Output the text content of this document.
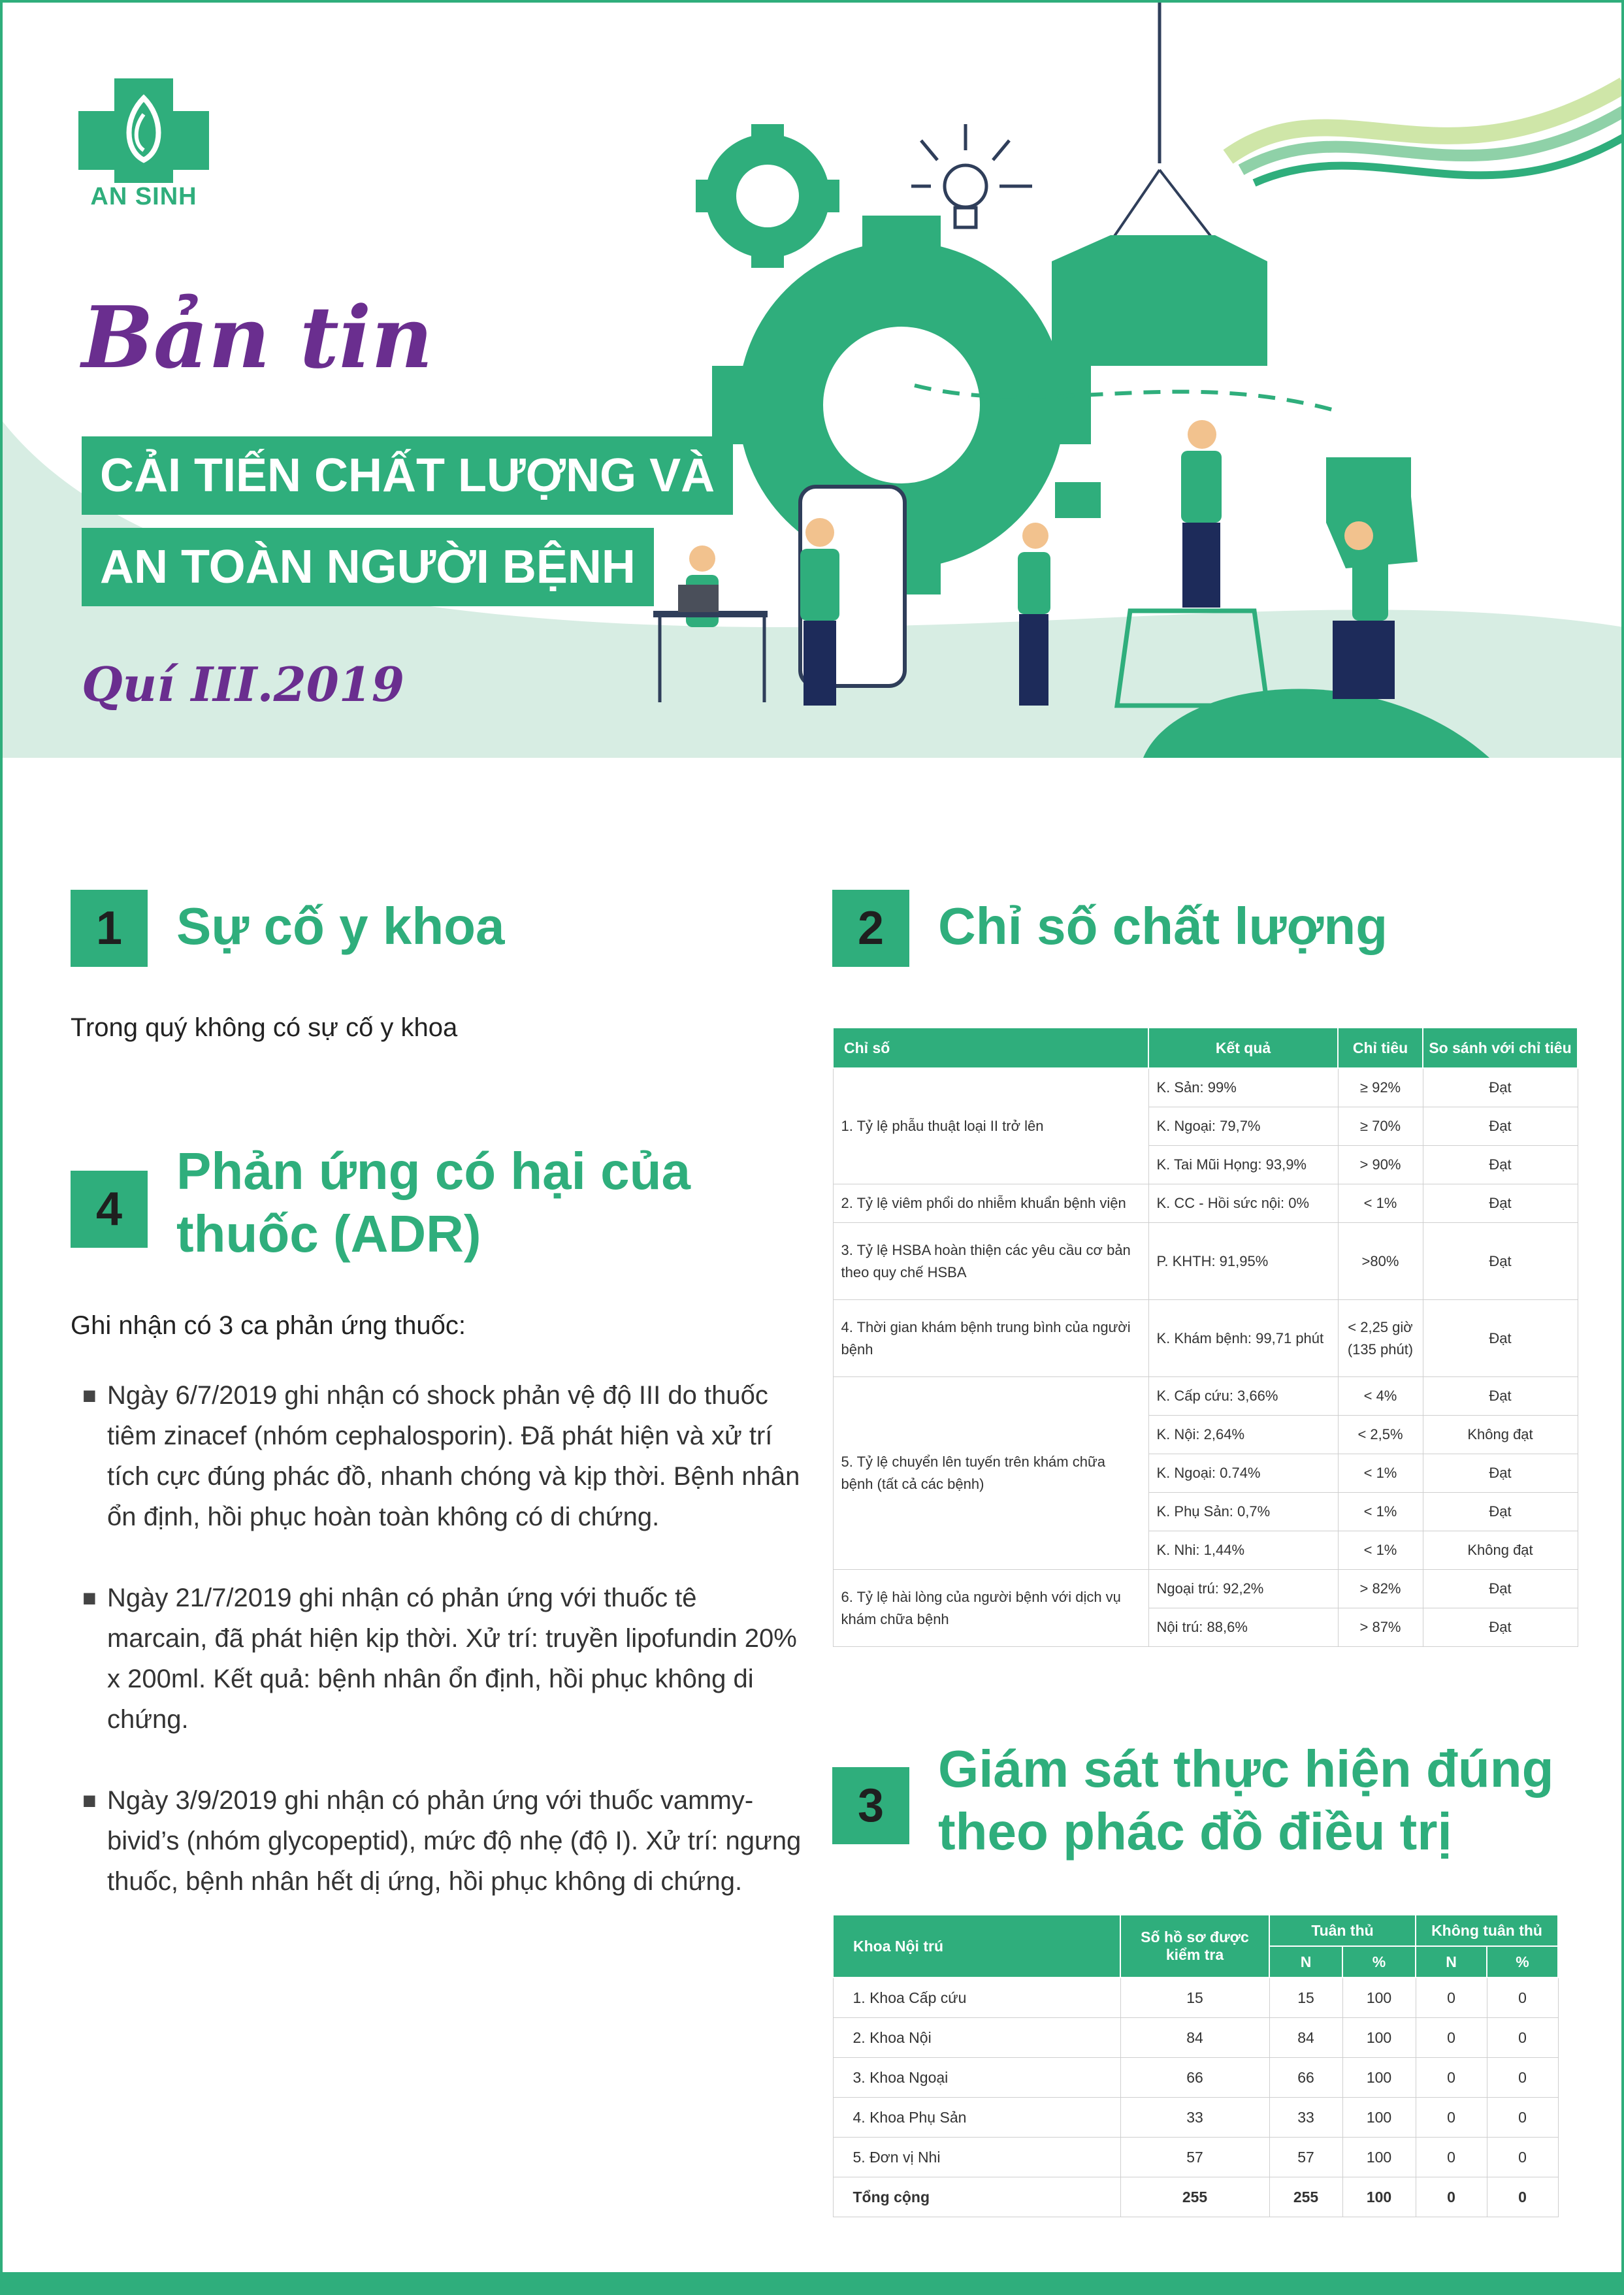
AN SINH
Bản tin
CẢI TIẾN CHẤT LƯỢNG VÀ
AN TOÀN NGƯỜI BỆNH
Quí III.2019
1	Sự cố y khoa
Trong quý không có sự cố y khoa
4
Phản ứng có hại của
thuốc (ADR)
Ghi nhận có 3 ca phản ứng thuốc:
■ Ngày 6/7/2019 ghi nhận có shock phản vệ độ III do thuốc tiêm zinacef (nhóm cephalosporin). Đã phát hiện và xử trí tích cực đúng phác đồ, nhanh chóng và kịp thời. Bệnh nhân ổn định, hồi phục hoàn toàn không có di chứng.
■ Ngày 21/7/2019 ghi nhận có phản ứng với thuốc tê marcain, đã phát hiện kịp thời. Xử trí: truyền lipofundin 20% x 200ml. Kết quả: bệnh nhân ổn định, hồi phục không di chứng.
■ Ngày 3/9/2019 ghi nhận có phản ứng với thuốc vammy-bivid’s (nhóm glycopeptid), mức độ nhẹ (độ I). Xử trí: ngưng thuốc, bệnh nhân hết dị ứng, hồi phục không di chứng.
2	Chỉ số chất lượng
Chỉ số	Kết quả	Chỉ tiêu	So sánh với chỉ tiêu
1. Tỷ lệ phẫu thuật loại II trở lên	K. Sản: 99%	≥ 92%	Đạt
	K. Ngoại: 79,7%	≥ 70%	Đạt
	K. Tai Mũi Họng: 93,9%	> 90%	Đạt
2. Tỷ lệ viêm phổi do nhiễm khuẩn bệnh viện	K. CC - Hồi sức nội: 0%	< 1%	Đạt
3. Tỷ lệ HSBA hoàn thiện các yêu cầu cơ bản theo quy chế HSBA	P. KHTH: 91,95%	>80%	Đạt
4. Thời gian khám bệnh trung bình của người bệnh	K. Khám bệnh: 99,71 phút	< 2,25 giờ (135 phút)	Đạt
5. Tỷ lệ chuyển lên tuyến trên khám chữa bệnh (tất cả các bệnh)	K. Cấp cứu: 3,66%	< 4%	Đạt
	K. Nội: 2,64%	< 2,5%	Không đạt
	K. Ngoại: 0.74%	< 1%	Đạt
	K. Phụ Sản: 0,7%	< 1%	Đạt
	K. Nhi: 1,44%	< 1%	Không đạt
6. Tỷ lệ hài lòng của người bệnh với dịch vụ khám chữa bệnh	Ngoại trú: 92,2%	> 82%	Đạt
	Nội trú: 88,6%	> 87%	Đạt
3
Giám sát thực hiện đúng
theo phác đồ điều trị
Khoa Nội trú	Số hồ sơ được kiểm tra	Tuân thủ		Không tuân thủ	
		N	%	N	%
1. Khoa Cấp cứu	15	15	100	0	0
2. Khoa Nội	84	84	100	0	0
3. Khoa Ngoại	66	66	100	0	0
4. Khoa Phụ Sản	33	33	100	0	0
5. Đơn vị Nhi	57	57	100	0	0
Tổng cộng	255	255	100	0	0
